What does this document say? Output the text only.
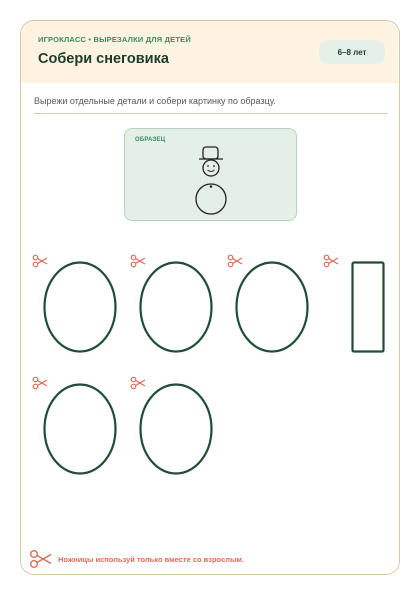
ИГРОКЛАСС • ВЫРЕЗАЛКИ ДЛЯ ДЕТЕЙ
Собери снеговика	6–8 лет
Вырежи отдельные детали и собери картинку по образцу.
ОБРАЗЕЦ
Ножницы используй только вместе со взрослым.
